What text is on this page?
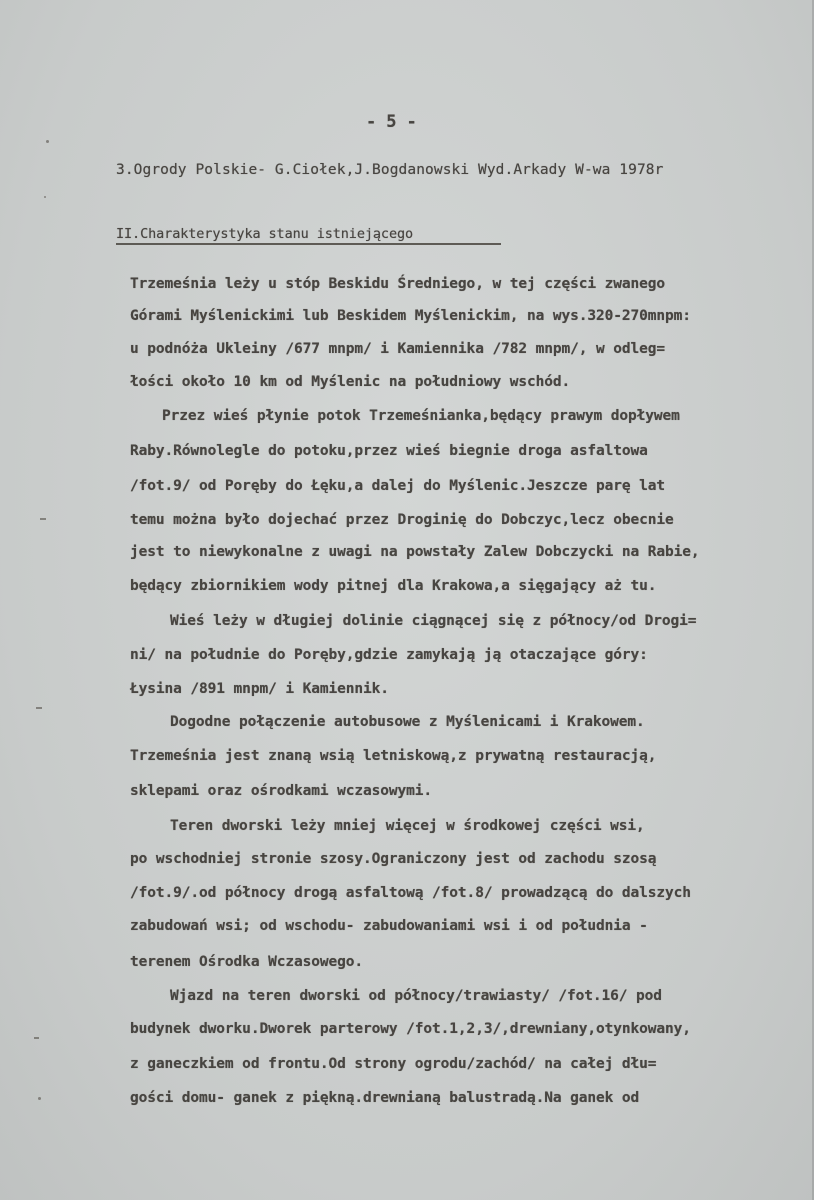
- 5 -
3.Ogrody Polskie- G.Ciołek,J.Bogdanowski Wyd.Arkady W-wa 1978r
II.Charakterystyka stanu istniejącego
Trzemeśnia leży u stóp Beskidu Średniego, w tej części zwanego
Górami Myślenickimi lub Beskidem Myślenickim, na wys.320-270mnpm:
u podnóża Ukleiny /677 mnpm/ i Kamiennika /782 mnpm/, w odleg=
łości około 10 km od Myślenic na południowy wschód.
Przez wieś płynie potok Trzemeśnianka,będący prawym dopływem
Raby.Równolegle do potoku,przez wieś biegnie droga asfaltowa
/fot.9/ od Poręby do Łęku,a dalej do Myślenic.Jeszcze parę lat
temu można było dojechać przez Droginię do Dobczyc,lecz obecnie
jest to niewykonalne z uwagi na powstały Zalew Dobczycki na Rabie,
będący zbiornikiem wody pitnej dla Krakowa,a sięgający aż tu.
Wieś leży w długiej dolinie ciągnącej się z północy/od Drogi=
ni/ na południe do Poręby,gdzie zamykają ją otaczające góry:
Łysina /891 mnpm/ i Kamiennik.
Dogodne połączenie autobusowe z Myślenicami i Krakowem.
Trzemeśnia jest znaną wsią letniskową,z prywatną restauracją,
sklepami oraz ośrodkami wczasowymi.
Teren dworski leży mniej więcej w środkowej części wsi,
po wschodniej stronie szosy.Ograniczony jest od zachodu szosą
/fot.9/.od północy drogą asfaltową /fot.8/ prowadzącą do dalszych
zabudowań wsi; od wschodu- zabudowaniami wsi i od południa -
terenem Ośrodka Wczasowego.
Wjazd na teren dworski od północy/trawiasty/ /fot.16/ pod
budynek dworku.Dworek parterowy /fot.1,2,3/,drewniany,otynkowany,
z ganeczkiem od frontu.Od strony ogrodu/zachód/ na całej dłu=
gości domu- ganek z piękną.drewnianą balustradą.Na ganek od
